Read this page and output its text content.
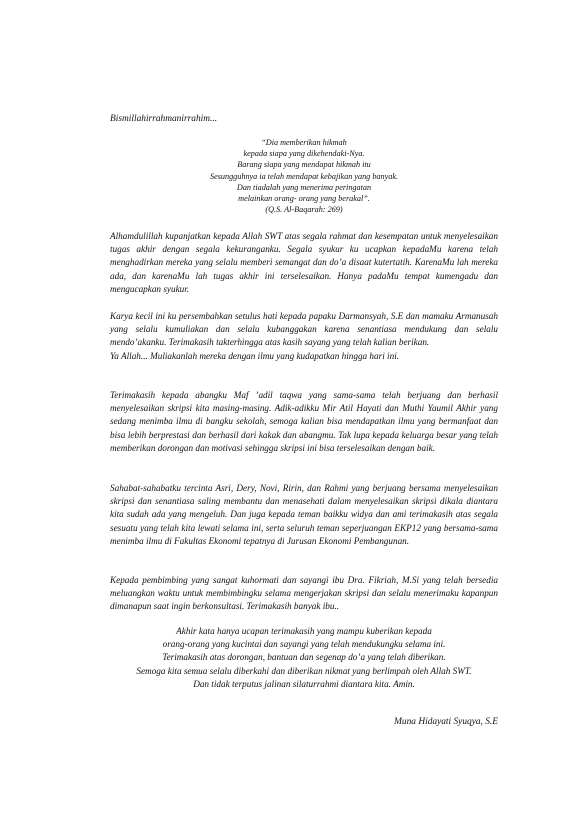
Bismillahirrahmanirrahim...
“Dia memberikan hikmah
kepada siapa yang dikehendaki-Nya.
Barang siapa yang mendapat hikmah itu
Sesungguhnya ia telah mendapat kebajikan yang banyak.
Dan tiadalah yang menerima peringatan
melainkan orang- orang yang berakal”.
(Q.S. Al-Baqarah: 269)

Alhamdulillah kupanjatkan kepada Allah SWT atas segala rahmat dan kesempatan untuk menyelesaikan tugas akhir dengan segala kekuranganku. Segala syukur ku ucapkan kepadaMu karena telah menghadirkan mereka yang selalu memberi semangat dan do’a disaat kutertatih. KarenaMu lah mereka ada, dan karenaMu lah tugas akhir ini terselesaikan. Hanya padaMu tempat kumengadu dan mengucapkan syukur.

Karya kecil ini ku persembahkan setulus hati kepada papaku Darmansyah, S.E dan mamaku Armanusah yang selalu kumuliakan dan selalu kubanggakan karena senantiasa mendukung dan selalu mendo’akanku. Terimakasih takterhingga atas kasih sayang yang telah kalian berikan.

Ya Allah... Muliakanlah mereka dengan ilmu yang kudapatkan hingga hari ini.

Terimakasih kepada abangku Maf ’adil taqwa yang sama-sama telah berjuang dan berhasil menyelesaikan skripsi kita masing-masing. Adik-adikku Mir Atil Hayati dan Muthi Yaumil Akhir yang sedang menimba ilmu di bangku sekolah, semoga kalian bisa mendapatkan ilmu yang bermanfaat dan bisa lebih berprestasi dan berhasil dari kakak dan abangmu. Tak lupa kepada keluarga besar yang telah memberikan dorongan dan motivasi sehingga skripsi ini bisa terselesaikan dengan baik.

Sahabat-sahabatku tercinta Asri, Dery, Novi, Ririn, dan Rahmi yang berjuang bersama menyelesaikan skripsi dan senantiasa saling membantu dan menasehati dalam menyelesaikan skripsi dikala diantara kita sudah ada yang mengeluh. Dan juga kepada teman baikku widya dan ami terimakasih atas segala sesuatu yang telah kita lewati selama ini, serta seluruh teman seperjuangan EKP12 yang bersama-sama menimba ilmu di Fakultas Ekonomi tepatnya di Jurusan Ekonomi Pembangunan.

Kepada pembimbing yang sangat kuhormati dan sayangi ibu Dra. Fikriah, M.Si yang telah bersedia meluangkan waktu untuk membimbingku selama mengerjakan skripsi dan selalu menerimaku kapanpun dimanapun saat ingin berkonsultasi. Terimakasih banyak ibu..

Akhir kata hanya ucapan terimakasih yang mampu kuberikan kepada
orang-orang yang kucintai dan sayangi yang telah mendukungku selama ini.
Terimakasih atas dorongan, bantuan dan segenap do’a yang telah diberikan.
Semoga kita semua selalu diberkahi dan diberikan nikmat yang berlimpah oleh Allah SWT.
Dan tidak terputus jalinan silaturrahmi diantara kita. Amin.
Muna Hidayati Syuqya, S.E
